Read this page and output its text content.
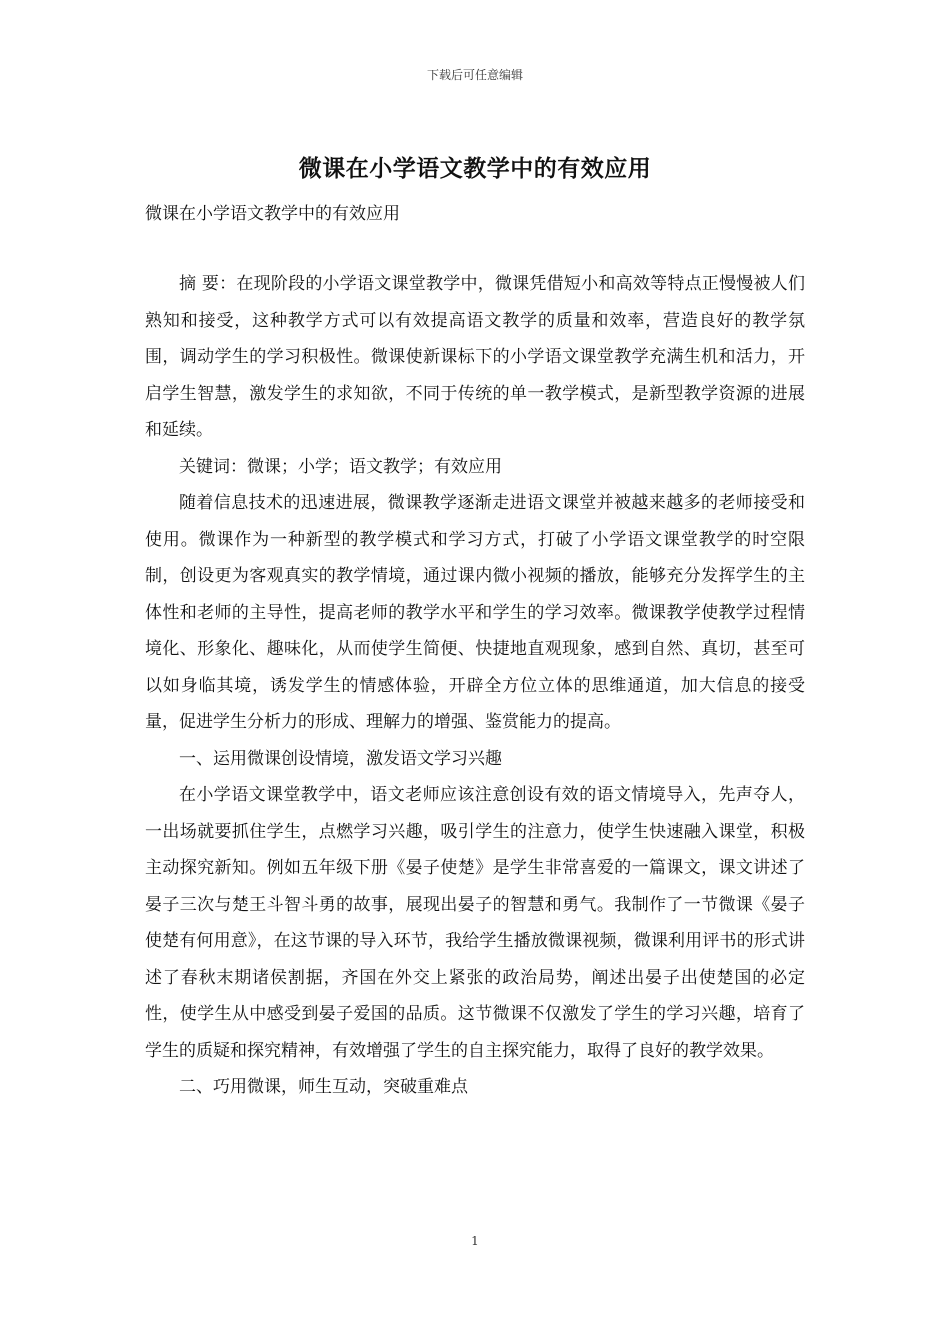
下载后可任意编辑
微课在小学语文教学中的有效应用
微课在小学语文教学中的有效应用

摘 要：在现阶段的小学语文课堂教学中，微课凭借短小和高效等特点正慢慢被人们熟知和接受，这种教学方式可以有效提高语文教学的质量和效率，营造良好的教学氛围，调动学生的学习积极性。微课使新课标下的小学语文课堂教学充满生机和活力，开启学生智慧，激发学生的求知欲，不同于传统的单一教学模式，是新型教学资源的进展和延续。

关键词：微课；小学；语文教学；有效应用

随着信息技术的迅速进展，微课教学逐渐走进语文课堂并被越来越多的老师接受和使用。微课作为一种新型的教学模式和学习方式，打破了小学语文课堂教学的时空限制，创设更为客观真实的教学情境，通过课内微小视频的播放，能够充分发挥学生的主体性和老师的主导性，提高老师的教学水平和学生的学习效率。微课教学使教学过程情境化、形象化、趣味化，从而使学生简便、快捷地直观现象，感到自然、真切，甚至可以如身临其境，诱发学生的情感体验，开辟全方位立体的思维通道，加大信息的接受量，促进学生分析力的形成、理解力的增强、鉴赏能力的提高。

一、运用微课创设情境，激发语文学习兴趣

在小学语文课堂教学中，语文老师应该注意创设有效的语文情境导入，先声夺人，一出场就要抓住学生，点燃学习兴趣，吸引学生的注意力，使学生快速融入课堂，积极主动探究新知。例如五年级下册《晏子使楚》是学生非常喜爱的一篇课文，课文讲述了晏子三次与楚王斗智斗勇的故事，展现出晏子的智慧和勇气。我制作了一节微课《晏子使楚有何用意》，在这节课的导入环节，我给学生播放微课视频，微课利用评书的形式讲述了春秋末期诸侯割据，齐国在外交上紧张的政治局势，阐述出晏子出使楚国的必定性，使学生从中感受到晏子爱国的品质。这节微课不仅激发了学生的学习兴趣，培育了学生的质疑和探究精神，有效增强了学生的自主探究能力，取得了良好的教学效果。

二、巧用微课，师生互动，突破重难点

1
